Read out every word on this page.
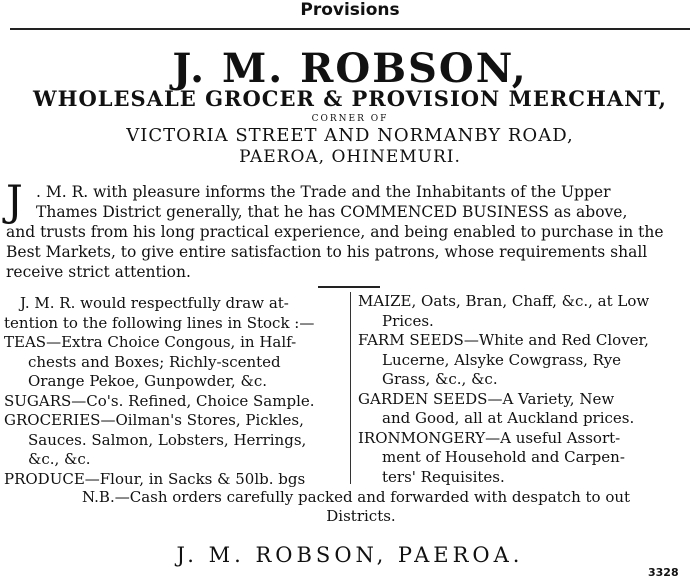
Provisions
J. M. ROBSON,
WHOLESALE GROCER & PROVISION MERCHANT,
CORNER OF
VICTORIA STREET AND NORMANBY ROAD,
PAEROA, OHINEMURI.
J . M. R. with pleasure informs the Trade and the Inhabitants of the Upper
Thames District generally, that he has COMMENCED BUSINESS as above,
and trusts from his long practical experience, and being enabled to purchase in the
Best Markets, to give entire satisfaction to his patrons, whose requirements shall
receive strict attention.
J. M. R. would respectfully draw at-
tention to the following lines in Stock :—
TEAS—Extra Choice Congous, in Half-
chests and Boxes; Richly-scented
Orange Pekoe, Gunpowder, &c.
SUGARS—Co's. Refined, Choice Sample.
GROCERIES—Oilman's Stores, Pickles,
Sauces. Salmon, Lobsters, Herrings,
&c., &c.
PRODUCE—Flour, in Sacks & 50lb. bgs
MAIZE, Oats, Bran, Chaff, &c., at Low
Prices.
FARM SEEDS—White and Red Clover,
Lucerne, Alsyke Cowgrass, Rye
Grass, &c., &c.
GARDEN SEEDS—A Variety, New
and Good, all at Auckland prices.
IRONMONGERY—A useful Assort-
ment of Household and Carpen-
ters' Requisites.
N.B.—Cash orders carefully packed and forwarded with despatch to out
Districts.
J. M. ROBSON, PAEROA.
3328
